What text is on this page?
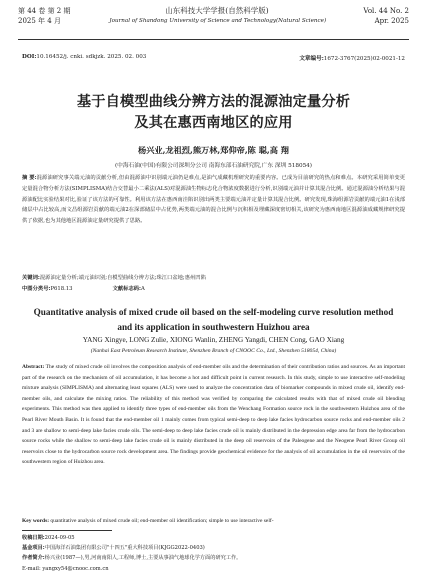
第 44 卷 第 2 期	山东科技大学学报(自然科学版)	Vol. 44 No. 2
2025 年 4 月	Journal of Shandong University of Science and Technology(Natural Science)	Apr. 2025
DOI:10.16452/j. cnki. sdkjzk. 2025. 02. 003	文章编号:1672-3767(2025)02-0021-12
基于自模型曲线分辨方法的混源油定量分析
及其在惠西南地区的应用
杨兴业,龙祖烈,熊万林,郑仰帝,陈 聪,高 翔
(中海石油(中国)有限公司深圳分公司 南海东部石油研究院,广东 深圳 518054)
摘 要:混源油研究事关端元油的贡献分析,但由混源油中识别端元油仍是难点,是油气成藏机理研究的重要内容。已成为目前研究的热点和难点。本研究采用简单变更定量混合物分析方法(SIMPLISMA)结合交替最小二乘法(ALS)对混源油生物标志化合物浓度数据进行分析,识别端元油并计算其混合比例。通过混源油分析结果与混源油配比实验结果对比,验证了该方法的可靠性。利用该方法在惠西南洼陷识别出两类主要端元油并定量计算其混合比例。研究发现,珠海组源岩贡献的端元油1在浅部储层中占比较高,而文昌组源岩贡献的端元油2在深部储层中占优势,两类端元油的混合比例与沉积相及埋藏深度密切相关,该研究为惠西南地区混源油成藏规律研究提供了依据,也为其他地区混源油定量研究提供了思路。
关键词:混源油定量分析;端元油识别;自模型曲线分辨方法;珠江口盆地;惠州凹陷
中图分类号:P618.13	文献标志码:A
Quantitative analysis of mixed crude oil based on the self-modeling curve resolution method and its application in southwestern Huizhou area
YANG Xingye, LONG Zulie, XIONG Wanlin, ZHENG Yangdi, CHEN Cong, GAO Xiang
(Nanhai East Petroleum Research Institute, Shenzhen Branch of CNOOC Co., Ltd., Shenzhen 518054, China)
Abstract: The study of mixed crude oil involves the composition analysis of end-member oils and the determination of their contribution ratios and sources. As an important part of the research on the mechanism of oil accumulation, it has become a hot and difficult point in current research. In this study, simple to use interactive self-modeling mixture analysis (SIMPLISMA) and alternating least squares (ALS) were used to analyze the concentration data of biomarker compounds in mixed crude oil, identify end-member oils, and calculate the mixing ratios. The reliability of this method was verified by comparing the calculated results with that of mixed crude oil blending experiments. This method was then applied to identify three types of end-member oils from the Wenchang Formation source rock in the southwestern Huizhou area of the Pearl River Mouth Basin. It is found that the end-member oil 1 mainly comes from typical semi-deep to deep lake facies hydrocarbon source rocks and end-member oils 2 and 3 are shallow to semi-deep lake facies crude oils. The semi-deep to deep lake facies crude oil is mainly distributed in the depression edge area far from the hydrocarbon source rocks while the shallow to semi-deep lake facies crude oil is mainly distributed in the deep oil reservoirs of the Paleogene and the Neogene Pearl River Group oil reservoirs close to the hydrocarbon source rock development area. The findings provide geochemical evidence for the analysis of oil accumulation in the oil reservoirs of the southwestern region of Huizhou area.
Key words: quantitative analysis of mixed crude oil; end-member oil identification; simple to use interactive self-
收稿日期:2024-09-05
基金项目:中国海洋石油集团有限公司"十四五"重大科技项目(KJGG2022-0403)
作者简介:杨兴业(1987—),男,河南南阳人,工程师,博士,主要从事油气地球化学方面的研究工作。
E-mail: yangxy54@cnooc.com.cn
